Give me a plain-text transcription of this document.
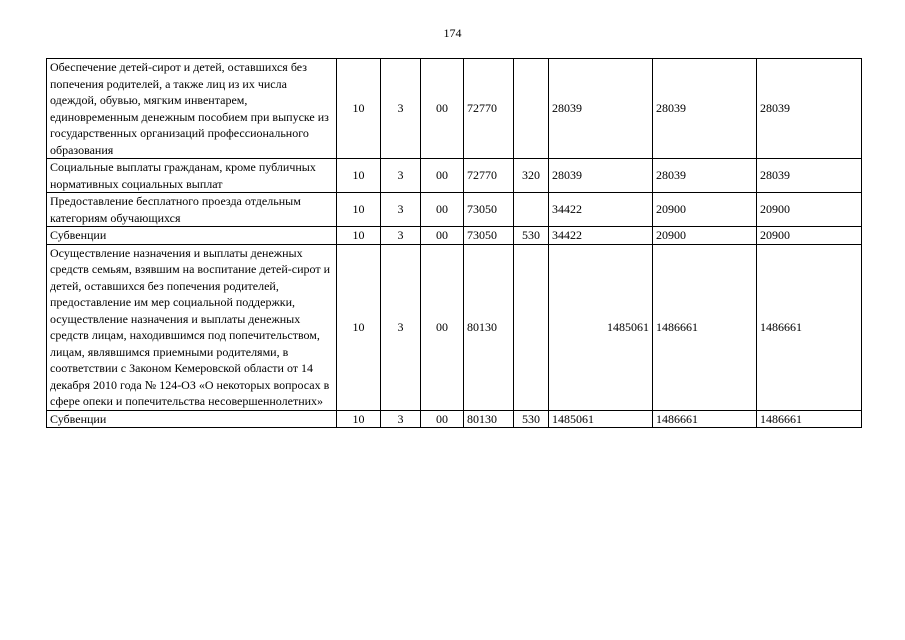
174
Обеспечение детей-сирот и детей, оставшихся без попечения родителей, а также лиц из их числа одеждой, обувью, мягким инвентарем, единовременным денежным пособием при выпуске из государственных организаций профессионального образования	10	3	00	72770		28039	28039	28039
Социальные выплаты гражданам, кроме публичных нормативных социальных выплат	10	3	00	72770	320	28039	28039	28039
Предоставление бесплатного проезда отдельным категориям обучающихся	10	3	00	73050		34422	20900	20900
Субвенции	10	3	00	73050	530	34422	20900	20900
Осуществление назначения и выплаты денежных средств семьям, взявшим на воспитание детей-сирот и детей, оставшихся без попечения родителей, предоставление им мер социальной поддержки, осуществление назначения и выплаты денежных средств лицам, находившимся под попечительством, лицам, являвшимся приемными родителями, в соответствии с Законом Кемеровской области от 14 декабря 2010 года № 124-ОЗ «О некоторых вопросах в сфере опеки и попечительства несовершеннолетних»	10	3	00	80130		1485061	1486661	1486661
Субвенции	10	3	00	80130	530	1485061	1486661	1486661
